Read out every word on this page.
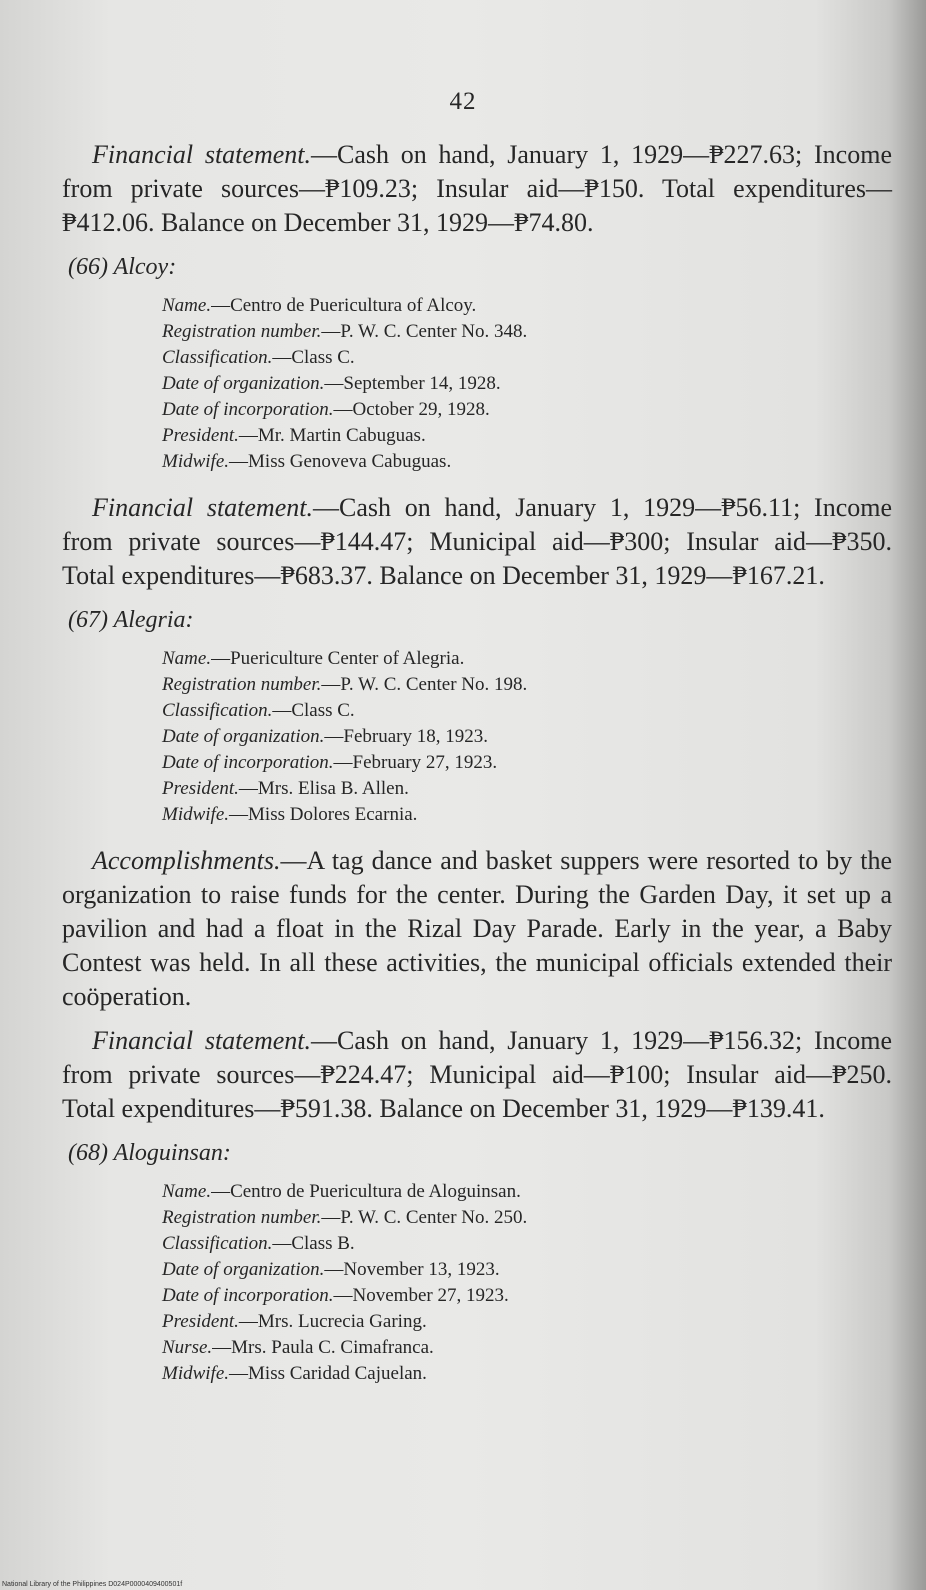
42

Financial statement.—Cash on hand, January 1, 1929—₱227.63; Income from private sources—₱109.23; Insular aid—₱150. Total expenditures—₱412.06. Balance on December 31, 1929—₱74.80.

(66) Alcoy:
Name.—Centro de Puericultura of Alcoy.
Registration number.—P. W. C. Center No. 348.
Classification.—Class C.
Date of organization.—September 14, 1928.
Date of incorporation.—October 29, 1928.
President.—Mr. Martin Cabuguas.
Midwife.—Miss Genoveva Cabuguas.

Financial statement.—Cash on hand, January 1, 1929—₱56.11; Income from private sources—₱144.47; Municipal aid—₱300; Insular aid—₱350. Total expenditures—₱683.37. Balance on December 31, 1929—₱167.21.

(67) Alegria:
Name.—Puericulture Center of Alegria.
Registration number.—P. W. C. Center No. 198.
Classification.—Class C.
Date of organization.—February 18, 1923.
Date of incorporation.—February 27, 1923.
President.—Mrs. Elisa B. Allen.
Midwife.—Miss Dolores Ecarnia.

Accomplishments.—A tag dance and basket suppers were resorted to by the organization to raise funds for the center. During the Garden Day, it set up a pavilion and had a float in the Rizal Day Parade. Early in the year, a Baby Contest was held. In all these activities, the municipal officials extended their coöperation.

Financial statement.—Cash on hand, January 1, 1929—₱156.32; Income from private sources—₱224.47; Municipal aid—₱100; Insular aid—₱250. Total expenditures—₱591.38. Balance on December 31, 1929—₱139.41.

(68) Aloguinsan:
Name.—Centro de Puericultura de Aloguinsan.
Registration number.—P. W. C. Center No. 250.
Classification.—Class B.
Date of organization.—November 13, 1923.
Date of incorporation.—November 27, 1923.
President.—Mrs. Lucrecia Garing.
Nurse.—Mrs. Paula C. Cimafranca.
Midwife.—Miss Caridad Cajuelan.
National Library of the Philippines D024P0000409400501f
